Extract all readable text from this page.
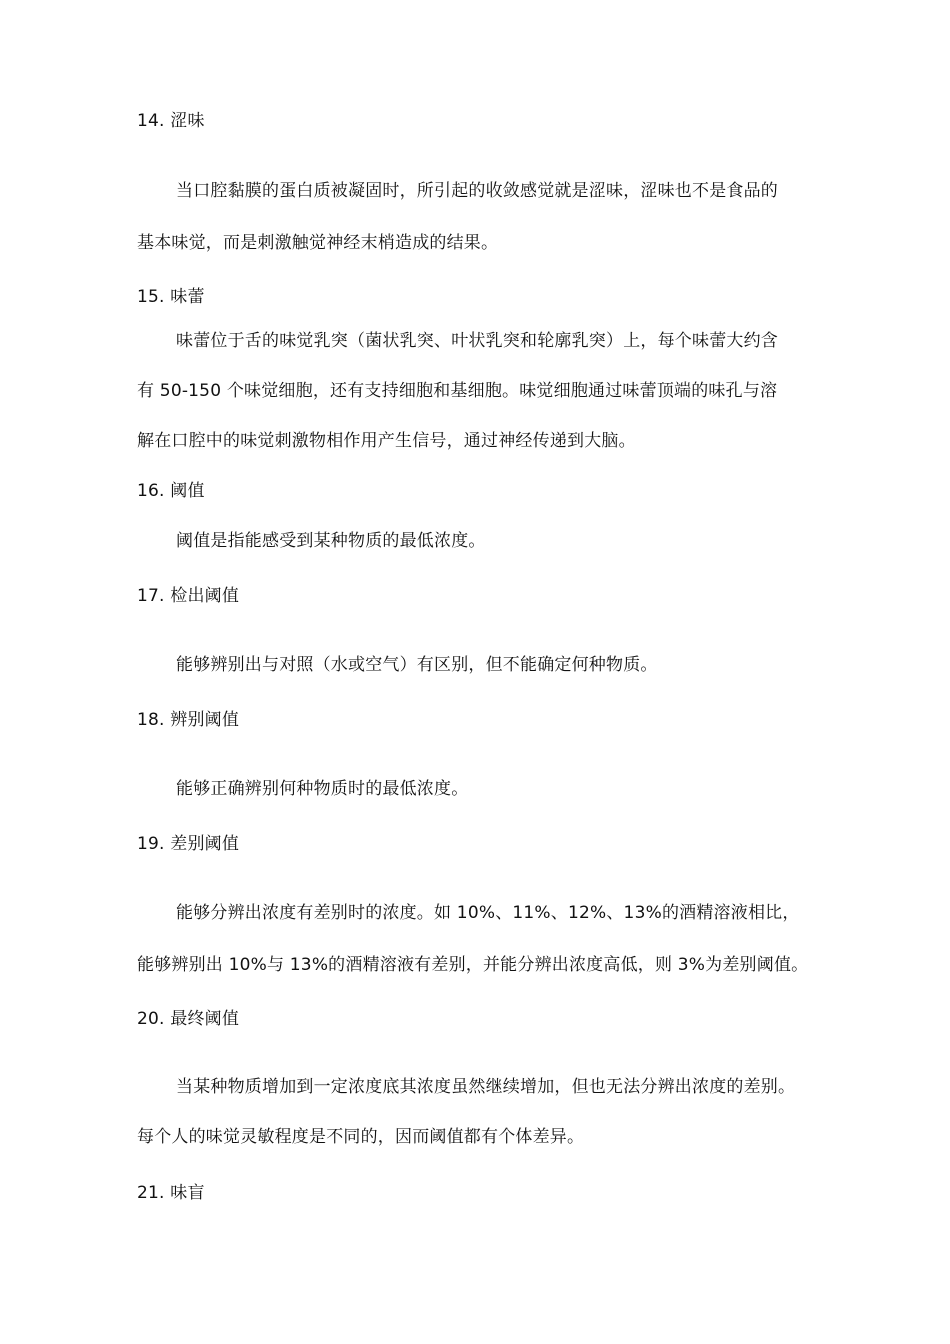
14. 涩味
当口腔黏膜的蛋白质被凝固时，所引起的收敛感觉就是涩味，涩味也不是食品的
基本味觉，而是刺激触觉神经末梢造成的结果。
15. 味蕾
味蕾位于舌的味觉乳突（菌状乳突、叶状乳突和轮廓乳突）上，每个味蕾大约含
有 50-150 个味觉细胞，还有支持细胞和基细胞。味觉细胞通过味蕾顶端的味孔与溶
解在口腔中的味觉刺激物相作用产生信号，通过神经传递到大脑。
16. 阈值
阈值是指能感受到某种物质的最低浓度。
17. 检出阈值
能够辨别出与对照（水或空气）有区别，但不能确定何种物质。
18. 辨别阈值
能够正确辨别何种物质时的最低浓度。
19. 差别阈值
能够分辨出浓度有差别时的浓度。如 10%、11%、12%、13%的酒精溶液相比，
能够辨别出 10%与 13%的酒精溶液有差别，并能分辨出浓度高低，则 3%为差别阈值。
20. 最终阈值
当某种物质增加到一定浓度底其浓度虽然继续增加，但也无法分辨出浓度的差别。
每个人的味觉灵敏程度是不同的，因而阈值都有个体差异。
21. 味盲
